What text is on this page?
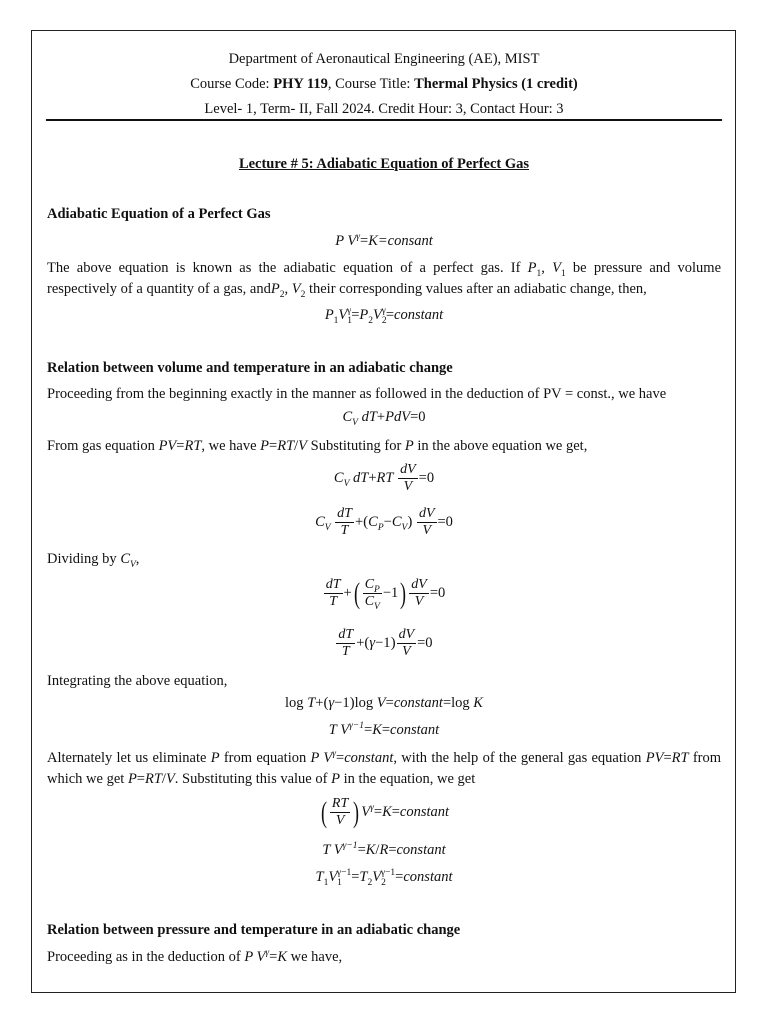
Department of Aeronautical Engineering (AE), MIST
Course Code: PHY 119, Course Title: Thermal Physics (1 credit)
Level- 1, Term- II, Fall 2024. Credit Hour: 3, Contact Hour: 3
Lecture # 5: Adiabatic Equation of Perfect Gas
Adiabatic Equation of a Perfect Gas
P $V^\gamma=K=consant$
The above equation is known as the adiabatic equation of a perfect gas. If $P_1$, $V_1$ be pressure and volume respectively of a quantity of a gas, andP$_2$, $V_2$ their corresponding values after an adiabatic change, then,
$P_1V_1^\gamma=P_2V_2^\gamma=constant$
Relation between volume and temperature in an adiabatic change
Proceeding from the beginning exactly in the manner as followed in the deduction of PV = const., we have
$C_V$ dT+PdV=0
From gas equation PV=RT, we have P=RT/V Substituting for P in the above equation we get,
$C_V$ $dT+RT \frac{dV}{V} =0$
$C_V \frac{dT}{T} +(C_P-C_V) \frac{dV}{V} =0$
Dividing by $C_V$,
$\frac{dT}{T}$ +( $\frac{C_P}{C_V} -1) \frac{dV}{V} =0$
$\frac{dT}{T} +(\gamma-1) \frac{dV}{V} =0$
Integrating the above equation,
log T+(γ−1)log V=constant=log K
T $V^{\gamma-1}=K=constant$
Alternately let us eliminate P from equation P $V^\gamma=constant$, with the help of the general gas equation PV=RT from which we get P=RT/V. Substituting this value of P in the equation, we get
( $\frac{RT}{V}$ ) $V^\gamma=K=constant$
T $V^{\gamma-1}=K/R=constant$
$T_1V_1^{\gamma-1}=T_2V_2^{\gamma-1}=constant$
Relation between pressure and temperature in an adiabatic change
Proceeding as in the deduction of P $V^\gamma=K$ we have,
